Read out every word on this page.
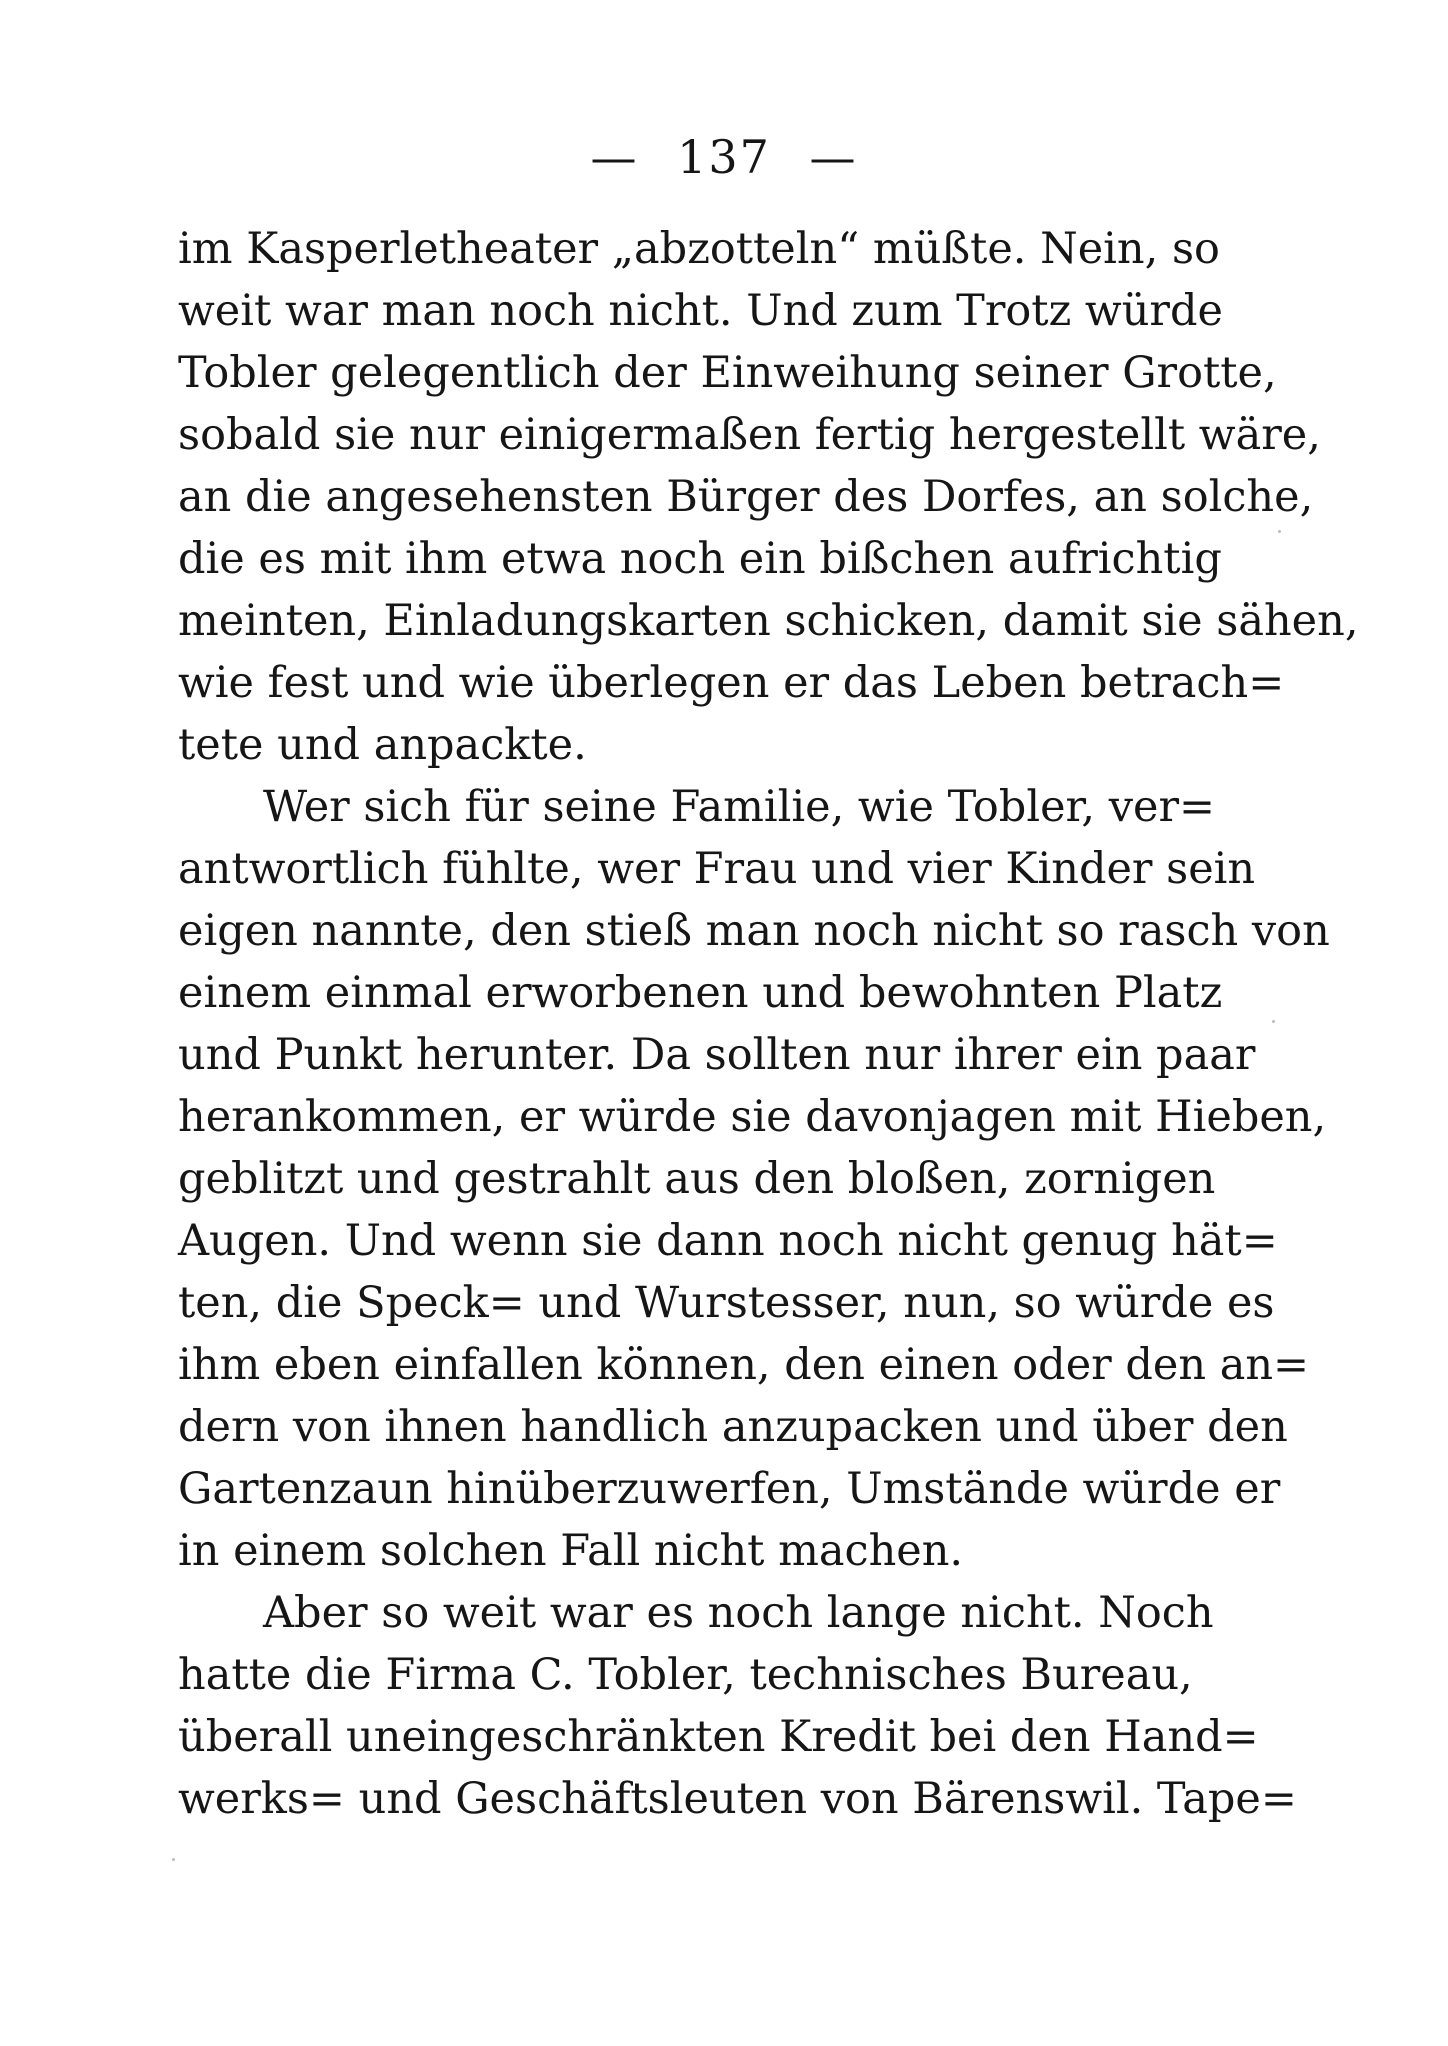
— 137 —
im Kasperletheater „abzotteln“ müßte. Nein, so
weit war man noch nicht. Und zum Trotz würde
Tobler gelegentlich der Einweihung seiner Grotte,
sobald sie nur einigermaßen fertig hergestellt wäre,
an die angesehensten Bürger des Dorfes, an solche,
die es mit ihm etwa noch ein bißchen aufrichtig
meinten, Einladungskarten schicken, damit sie sähen,
wie fest und wie überlegen er das Leben betrach=
tete und anpackte.
Wer sich für seine Familie, wie Tobler, ver=
antwortlich fühlte, wer Frau und vier Kinder sein
eigen nannte, den stieß man noch nicht so rasch von
einem einmal erworbenen und bewohnten Platz
und Punkt herunter. Da sollten nur ihrer ein paar
herankommen, er würde sie davonjagen mit Hieben,
geblitzt und gestrahlt aus den bloßen, zornigen
Augen. Und wenn sie dann noch nicht genug hät=
ten, die Speck= und Wurstesser, nun, so würde es
ihm eben einfallen können, den einen oder den an=
dern von ihnen handlich anzupacken und über den
Gartenzaun hinüberzuwerfen, Umstände würde er
in einem solchen Fall nicht machen.
Aber so weit war es noch lange nicht. Noch
hatte die Firma C. Tobler, technisches Bureau,
überall uneingeschränkten Kredit bei den Hand=
werks= und Geschäftsleuten von Bärenswil. Tape=
